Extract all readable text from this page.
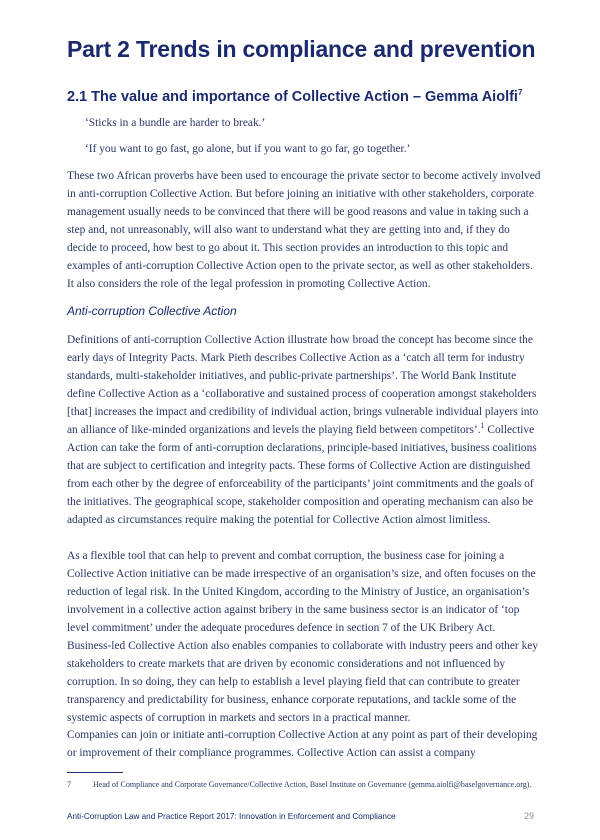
Part 2 Trends in compliance and prevention
2.1 The value and importance of Collective Action – Gemma Aiolfi$^7$
‘Sticks in a bundle are harder to break.’
‘If you want to go fast, go alone, but if you want to go far, go together.’

These two African proverbs have been used to encourage the private sector to become actively involved in anti-corruption Collective Action. But before joining an initiative with other stakeholders, corporate management usually needs to be convinced that there will be good reasons and value in taking such a step and, not unreasonably, will also want to understand what they are getting into and, if they do decide to proceed, how best to go about it. This section provides an introduction to this topic and examples of anti-corruption Collective Action open to the private sector, as well as other stakeholders. It also considers the role of the legal profession in promoting Collective Action.

Anti-corruption Collective Action

Definitions of anti-corruption Collective Action illustrate how broad the concept has become since the early days of Integrity Pacts. Mark Pieth describes Collective Action as a ‘catch all term for industry standards, multi-stakeholder initiatives, and public-private partnerships’. The World Bank Institute define Collective Action as a ‘collaborative and sustained process of cooperation amongst stakeholders [that] increases the impact and credibility of individual action, brings vulnerable individual players into an alliance of like-minded organizations and levels the playing field between competitors’.$^1$ Collective Action can take the form of anti-corruption declarations, principle-based initiatives, business coalitions that are subject to certification and integrity pacts. These forms of Collective Action are distinguished from each other by the degree of enforceability of the participants’ joint commitments and the goals of the initiatives. The geographical scope, stakeholder composition and operating mechanism can also be adapted as circumstances require making the potential for Collective Action almost limitless.

As a flexible tool that can help to prevent and combat corruption, the business case for joining a Collective Action initiative can be made irrespective of an organisation’s size, and often focuses on the reduction of legal risk. In the United Kingdom, according to the Ministry of Justice, an organisation’s involvement in a collective action against bribery in the same business sector is an indicator of ‘top level commitment’ under the adequate procedures defence in section 7 of the UK Bribery Act. Business-led Collective Action also enables companies to collaborate with industry peers and other key stakeholders to create markets that are driven by economic considerations and not influenced by corruption. In so doing, they can help to establish a level playing field that can contribute to greater transparency and predictability for business, enhance corporate reputations, and tackle some of the systemic aspects of corruption in markets and sectors in a practical manner.

Companies can join or initiate anti-corruption Collective Action at any point as part of their developing or improvement of their compliance programmes. Collective Action can assist a company

7	Head of Compliance and Corporate Governance/Collective Action, Basel Institute on Governance (gemma.aiolfi@baselgovernance.org).
Anti-Corruption Law and Practice Report 2017: Innovation in Enforcement and Compliance	29
